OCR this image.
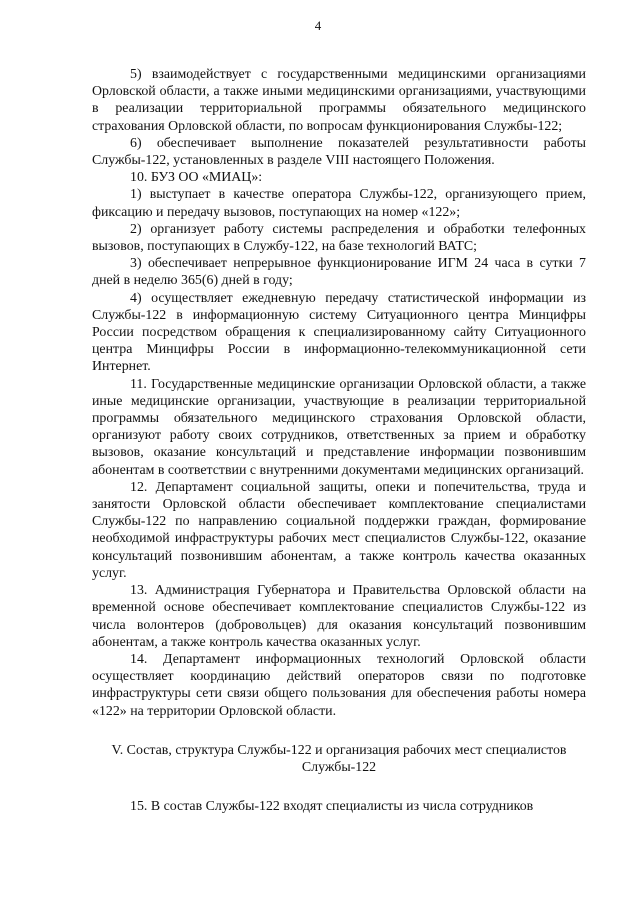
4

5) взаимодействует с государственными медицинскими организациями Орловской области, а также иными медицинскими организациями, участвующими в реализации территориальной программы обязательного медицинского страхования Орловской области, по вопросам функционирования Службы-122;

6) обеспечивает выполнение показателей результативности работы Службы-122, установленных в разделе VIII настоящего Положения.

10. БУЗ ОО «МИАЦ»:

1) выступает в качестве оператора Службы-122, организующего прием, фиксацию и передачу вызовов, поступающих на номер «122»;

2) организует работу системы распределения и обработки телефонных вызовов, поступающих в Службу-122, на базе технологий ВАТС;

3) обеспечивает непрерывное функционирование ИГМ 24 часа в сутки 7 дней в неделю 365(6) дней в году;

4) осуществляет ежедневную передачу статистической информации из Службы-122 в информационную систему Ситуационного центра Минцифры России посредством обращения к специализированному сайту Ситуационного центра Минцифры России в информационно-телекоммуникационной сети Интернет.

11. Государственные медицинские организации Орловской области, а также иные медицинские организации, участвующие в реализации территориальной программы обязательного медицинского страхования Орловской области, организуют работу своих сотрудников, ответственных за прием и обработку вызовов, оказание консультаций и представление информации позвонившим абонентам в соответствии с внутренними документами медицинских организаций.

12. Департамент социальной защиты, опеки и попечительства, труда и занятости Орловской области обеспечивает комплектование специалистами Службы-122 по направлению социальной поддержки граждан, формирование необходимой инфраструктуры рабочих мест специалистов Службы-122, оказание консультаций позвонившим абонентам, а также контроль качества оказанных услуг.

13. Администрация Губернатора и Правительства Орловской области на временной основе обеспечивает комплектование специалистов Службы-122 из числа волонтеров (добровольцев) для оказания консультаций позвонившим абонентам, а также контроль качества оказанных услуг.

14. Департамент информационных технологий Орловской области осуществляет координацию действий операторов связи по подготовке инфраструктуры сети связи общего пользования для обеспечения работы номера «122» на территории Орловской области.

V. Состав, структура Службы-122 и организация рабочих мест специалистов Службы-122

15. В состав Службы-122 входят специалисты из числа сотрудников
